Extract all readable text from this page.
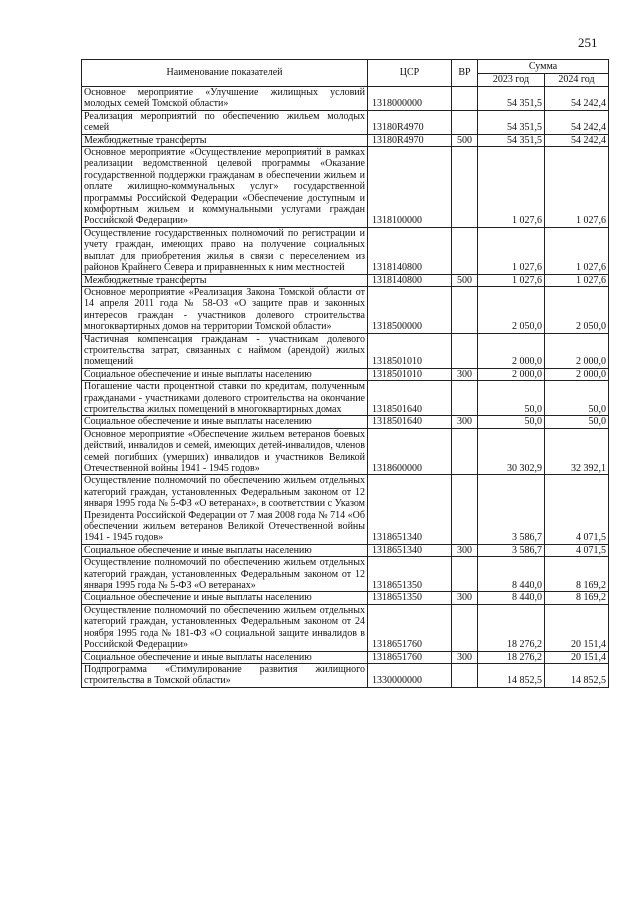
251
Наименование показателей	ЦСР	ВР	Сумма	
			2023 год	2024 год
Основное мероприятие «Улучшение жилищных условий молодых семей Томской области»	1318000000		54 351,5	54 242,4
Реализация мероприятий по обеспечению жильем молодых семей	13180R4970		54 351,5	54 242,4
Межбюджетные трансферты	13180R4970	500	54 351,5	54 242,4
Основное мероприятие «Осуществление мероприятий в рамках реализации ведомственной целевой программы «Оказание государственной поддержки гражданам в обеспечении жильем и оплате жилищно-коммунальных услуг» государственной программы Российской Федерации «Обеспечение доступным и комфортным жильем и коммунальными услугами граждан Российской Федерации»	1318100000		1 027,6	1 027,6
Осуществление государственных полномочий по регистрации и учету граждан, имеющих право на получение социальных выплат для приобретения жилья в связи с переселением из районов Крайнего Севера и приравненных к ним местностей	1318140800		1 027,6	1 027,6
Межбюджетные трансферты	1318140800	500	1 027,6	1 027,6
Основное мероприятие «Реализация Закона Томской области от 14 апреля 2011 года № 58-ОЗ «О защите прав и законных интересов граждан - участников долевого строительства многоквартирных домов на территории Томской области»	1318500000		2 050,0	2 050,0
Частичная компенсация гражданам - участникам долевого строительства затрат, связанных с наймом (арендой) жилых помещений	1318501010		2 000,0	2 000,0
Социальное обеспечение и иные выплаты населению	1318501010	300	2 000,0	2 000,0
Погашение части процентной ставки по кредитам, полученным гражданами - участниками долевого строительства на окончание строительства жилых помещений в многоквартирных домах	1318501640		50,0	50,0
Социальное обеспечение и иные выплаты населению	1318501640	300	50,0	50,0
Основное мероприятие «Обеспечение жильем ветеранов боевых действий, инвалидов и семей, имеющих детей-инвалидов, членов семей погибших (умерших) инвалидов и участников Великой Отечественной войны 1941 - 1945 годов»	1318600000		30 302,9	32 392,1
Осуществление полномочий по обеспечению жильем отдельных категорий граждан, установленных Федеральным законом от 12 января 1995 года № 5-ФЗ «О ветеранах», в соответствии с Указом Президента Российской Федерации от 7 мая 2008 года № 714 «Об обеспечении жильем ветеранов Великой Отечественной войны 1941 - 1945 годов»	1318651340		3 586,7	4 071,5
Социальное обеспечение и иные выплаты населению	1318651340	300	3 586,7	4 071,5
Осуществление полномочий по обеспечению жильем отдельных категорий граждан, установленных Федеральным законом от 12 января 1995 года № 5-ФЗ «О ветеранах»	1318651350		8 440,0	8 169,2
Социальное обеспечение и иные выплаты населению	1318651350	300	8 440,0	8 169,2
Осуществление полномочий по обеспечению жильем отдельных категорий граждан, установленных Федеральным законом от 24 ноября 1995 года № 181-ФЗ «О социальной защите инвалидов в Российской Федерации»	1318651760		18 276,2	20 151,4
Социальное обеспечение и иные выплаты населению	1318651760	300	18 276,2	20 151,4
Подпрограмма «Стимулирование развития жилищного строительства в Томской области»	1330000000		14 852,5	14 852,5
